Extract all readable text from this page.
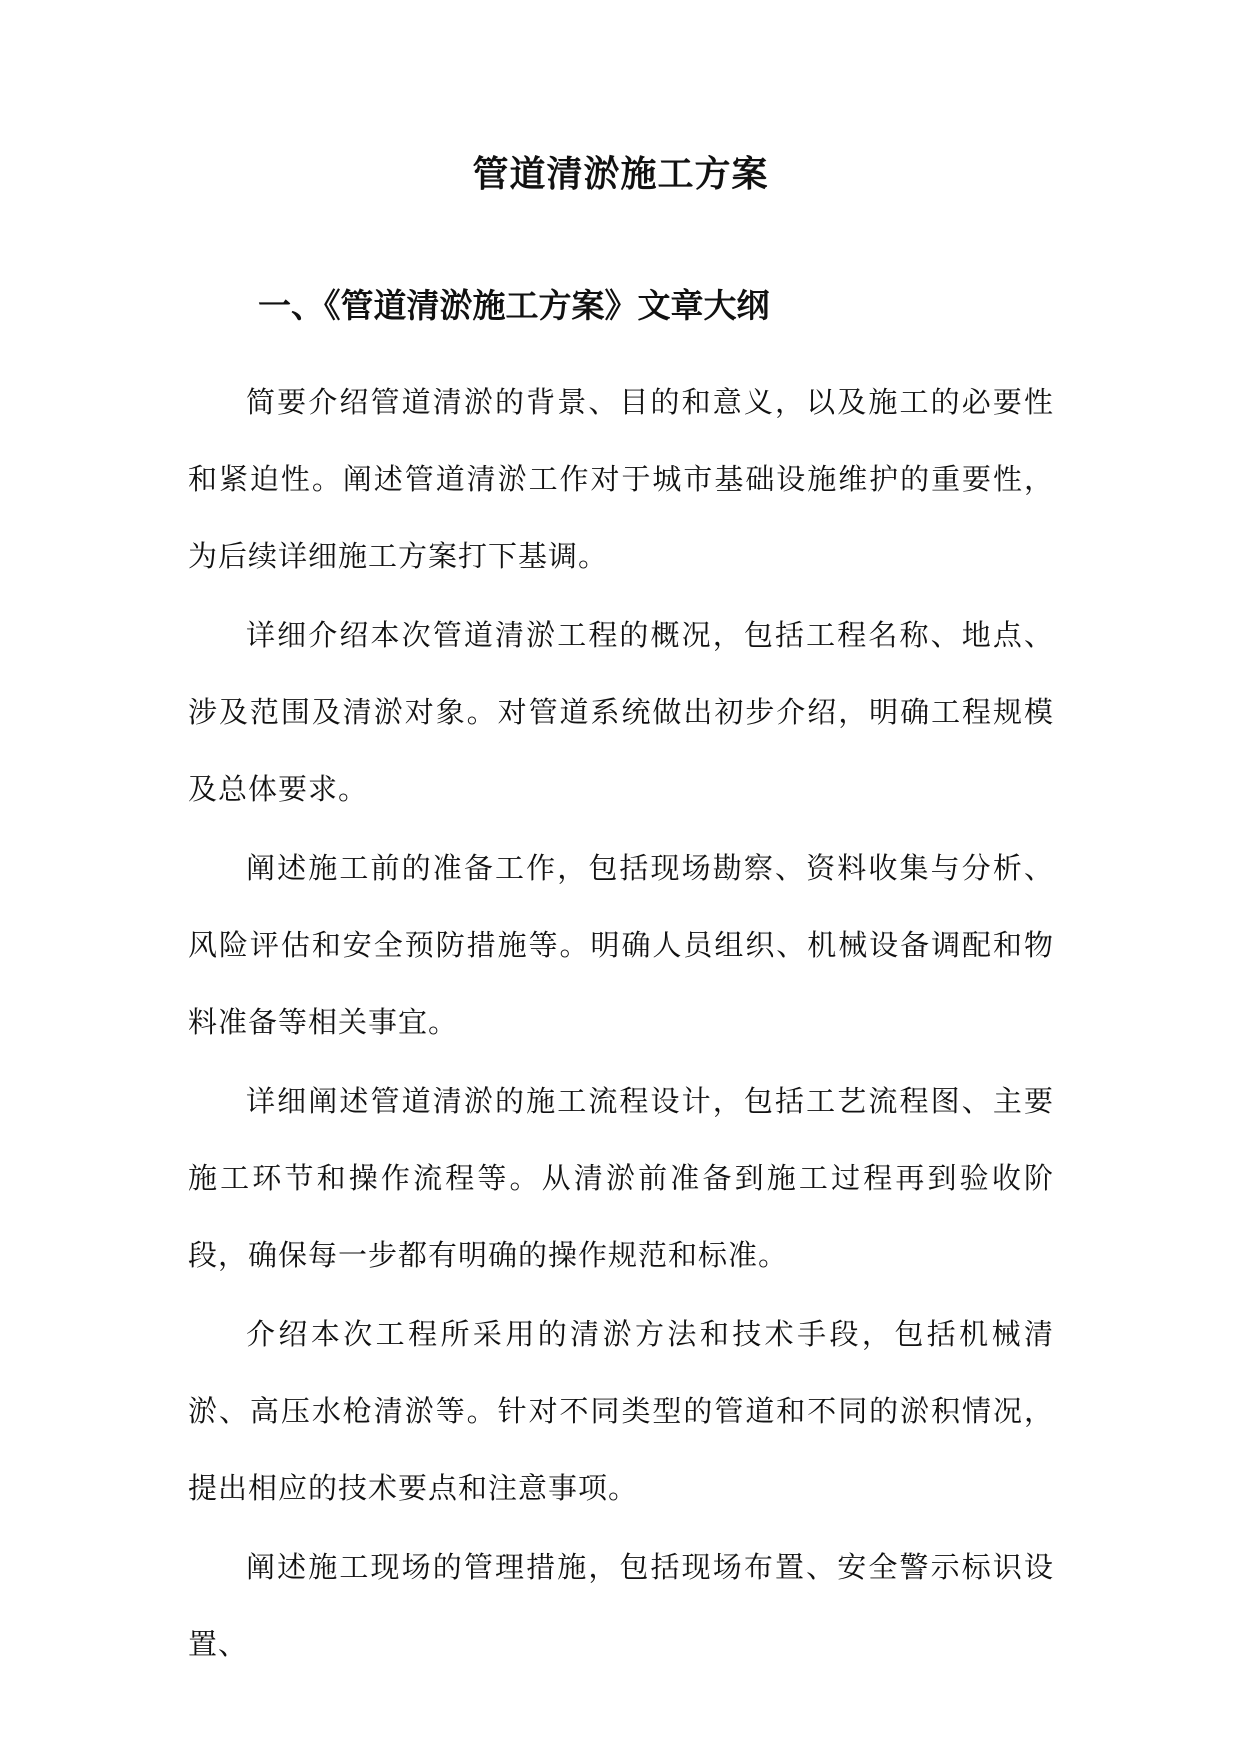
管道清淤施工方案
一、《管道清淤施工方案》文章大纲

简要介绍管道清淤的背景、目的和意义，以及施工的必要性和紧迫性。阐述管道清淤工作对于城市基础设施维护的重要性，为后续详细施工方案打下基调。

详细介绍本次管道清淤工程的概况，包括工程名称、地点、涉及范围及清淤对象。对管道系统做出初步介绍，明确工程规模及总体要求。

阐述施工前的准备工作，包括现场勘察、资料收集与分析、风险评估和安全预防措施等。明确人员组织、机械设备调配和物料准备等相关事宜。

详细阐述管道清淤的施工流程设计，包括工艺流程图、主要施工环节和操作流程等。从清淤前准备到施工过程再到验收阶段，确保每一步都有明确的操作规范和标准。

介绍本次工程所采用的清淤方法和技术手段，包括机械清淤、高压水枪清淤等。针对不同类型的管道和不同的淤积情况，提出相应的技术要点和注意事项。

阐述施工现场的管理措施，包括现场布置、安全警示标识设置、
